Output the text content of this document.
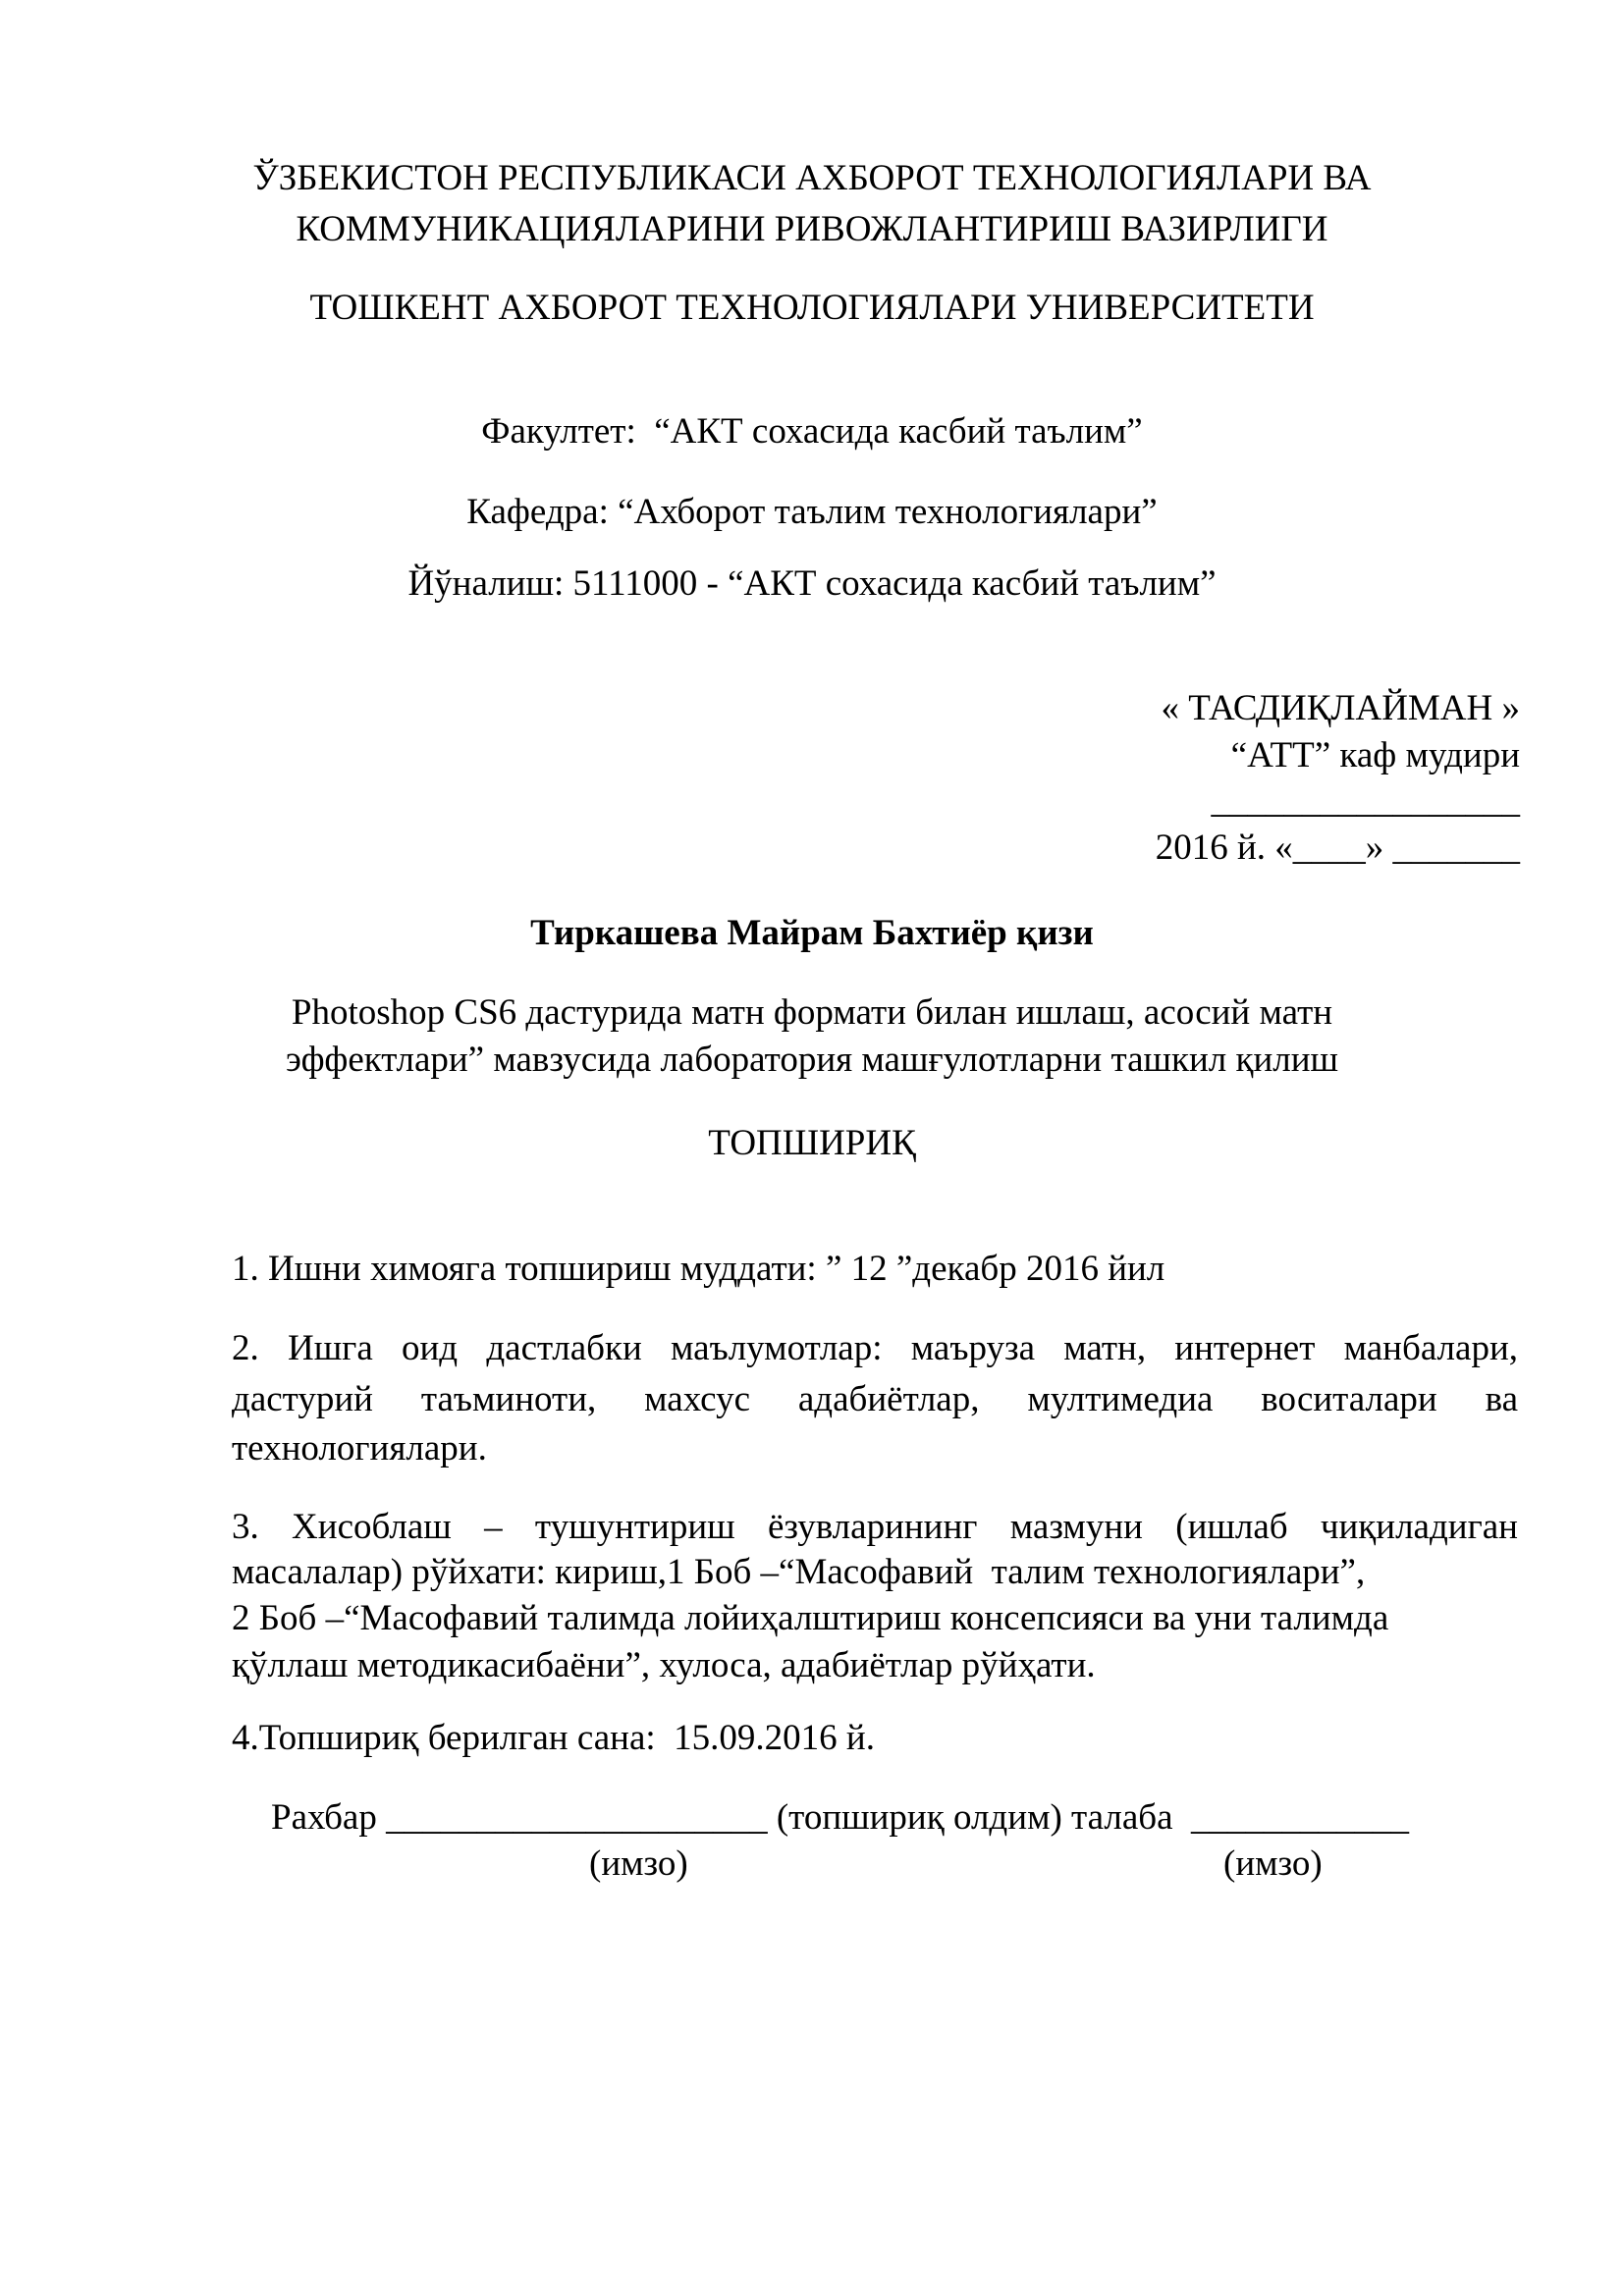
ЎЗБЕКИСТОН РЕСПУБЛИКАСИ АХБОРОТ ТЕХНОЛОГИЯЛАРИ ВА
КОММУНИКАЦИЯЛАРИНИ РИВОЖЛАНТИРИШ ВАЗИРЛИГИ
ТОШКЕНТ АХБОРОТ ТЕХНОЛОГИЯЛАРИ УНИВЕРСИТЕТИ
Факултет:  “АКТ сохасида касбий таълим”
Кафедра: “Ахборот таълим технологиялари”
Йўналиш: 5111000 - “АКТ сохасида касбий таълим”
« ТАСДИҚЛАЙМАН »
“АТТ” каф мудири
_________________
2016 й. «____» _______
Тиркашева Майрам Бахтиёр қизи
Photoshop CS6 дастурида матн формати билан ишлаш, асосий матн
эффектлари” мавзусида лаборатория машғулотларни ташкил қилиш
ТОПШИРИҚ
1. Ишни химояга топшириш муддати: ” 12 ”декабр 2016 йил
2. Ишга оид дастлабки маълумотлар: маъруза матн, интернет манбалари,
дастурий таъминоти, махсус адабиётлар, мултимедиа воситалари ва
технологиялари.
3. Хисоблаш – тушунтириш ёзувларининг мазмуни (ишлаб чиқиладиган
масалалар) рўйхати: кириш,1 Боб –“Масофавий  талим технологиялари”,
2 Боб –“Масофавий талимда лойиҳалштириш консепсияси ва уни талимда
қўллаш методикасибаёни”, хулоса, адабиётлар рўйҳати.
4.Топшириқ берилган сана:  15.09.2016 й.
Рахбар _____________________ (топшириқ олдим) талаба  ____________
(имзо)	(имзо)
